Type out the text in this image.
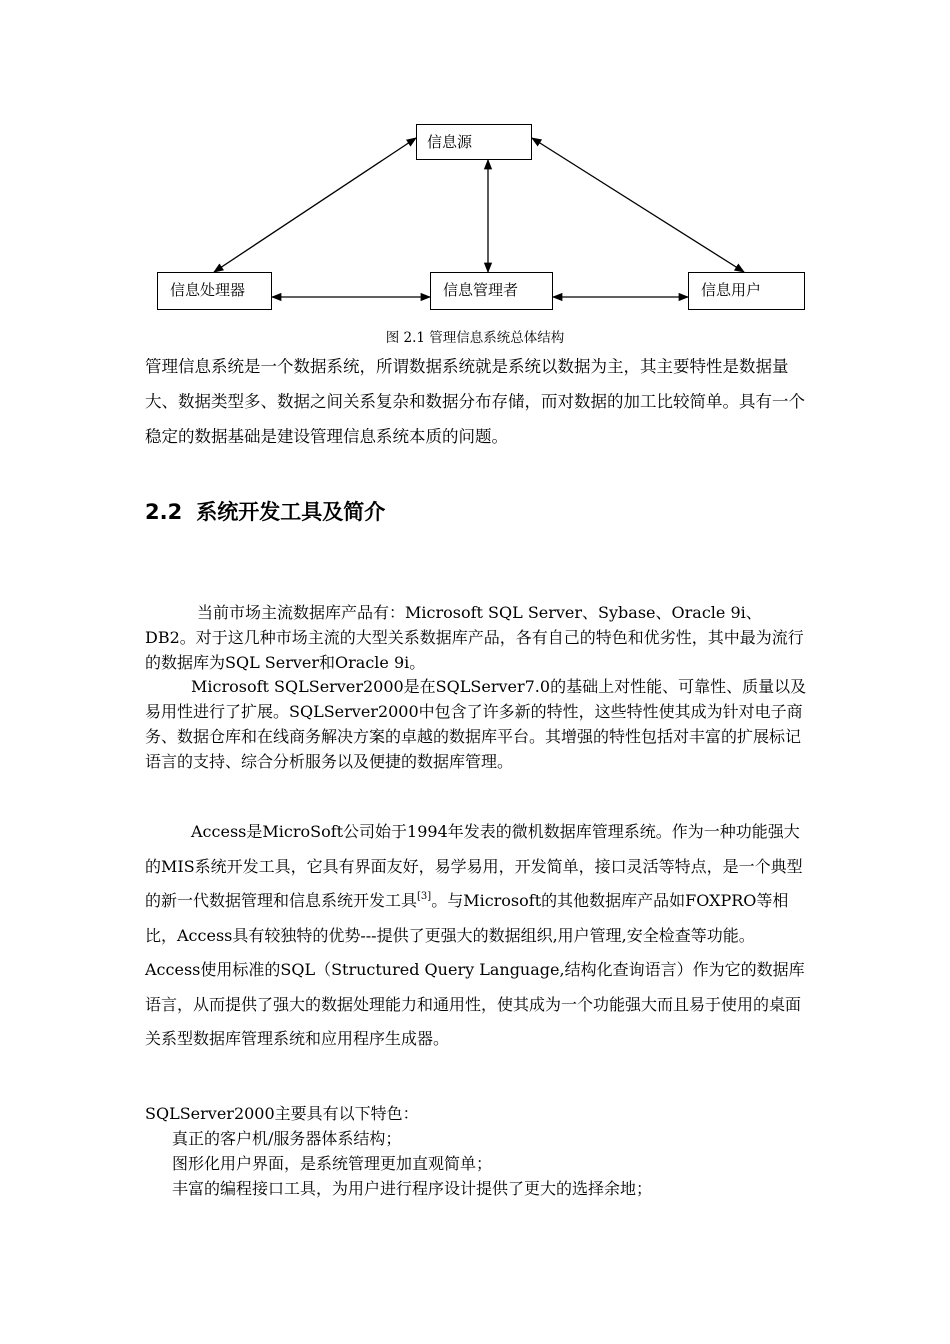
信息源
信息处理器	信息管理者	信息用户
图 2.1 管理信息系统总体结构

管理信息系统是一个数据系统，所谓数据系统就是系统以数据为主，其主要特性是数据量大、数据类型多、数据之间关系复杂和数据分布存储，而对数据的加工比较简单。具有一个稳定的数据基础是建设管理信息系统本质的问题。

2.2 系统开发工具及简介

当前市场主流数据库产品有：Microsoft SQL Server、Sybase、Oracle 9i、DB2。对于这几种市场主流的大型关系数据库产品，各有自己的特色和优劣性，其中最为流行的数据库为SQL Server和Oracle 9i。

Microsoft SQLServer2000是在SQLServer7.0的基础上对性能、可靠性、质量以及易用性进行了扩展。SQLServer2000中包含了许多新的特性，这些特性使其成为针对电子商务、数据仓库和在线商务解决方案的卓越的数据库平台。其增强的特性包括对丰富的扩展标记语言的支持、综合分析服务以及便捷的数据库管理。

Access是MicroSoft公司始于1994年发表的微机数据库管理系统。作为一种功能强大的MIS系统开发工具，它具有界面友好，易学易用，开发简单，接口灵活等特点，是一个典型的新一代数据管理和信息系统开发工具[3]。与Microsoft的其他数据库产品如FOXPRO等相比，Access具有较独特的优势---提供了更强大的数据组织,用户管理,安全检查等功能。Access使用标准的SQL（Structured Query Language,结构化查询语言）作为它的数据库语言，从而提供了强大的数据处理能力和通用性，使其成为一个功能强大而且易于使用的桌面关系型数据库管理系统和应用程序生成器。

SQLServer2000主要具有以下特色：

真正的客户机/服务器体系结构；
图形化用户界面，是系统管理更加直观简单；
丰富的编程接口工具，为用户进行程序设计提供了更大的选择余地；
